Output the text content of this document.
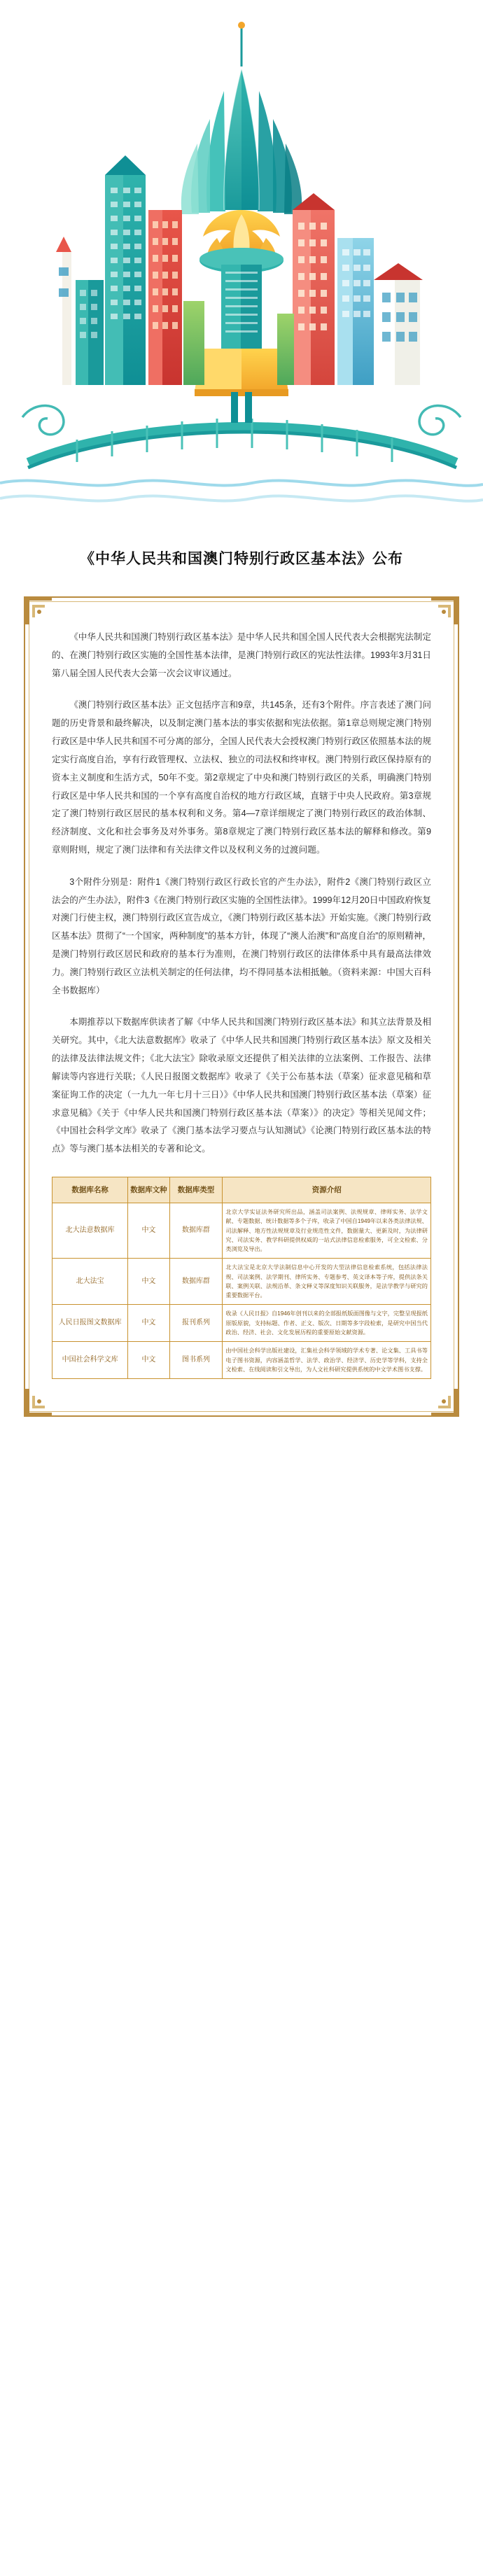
《中华人民共和国澳门特别行政区基本法》公布

《中华人民共和国澳门特别行政区基本法》是中华人民共和国全国人民代表大会根据宪法制定的、在澳门特别行政区实施的全国性基本法律，是澳门特别行政区的宪法性法律。1993年3月31日第八届全国人民代表大会第一次会议审议通过。

《澳门特别行政区基本法》正文包括序言和9章，共145条，还有3个附件。序言表述了澳门问题的历史背景和最终解决，以及制定澳门基本法的事实依据和宪法依据。第1章总则规定澳门特别行政区是中华人民共和国不可分离的部分，全国人民代表大会授权澳门特别行政区依照基本法的规定实行高度自治，享有行政管理权、立法权、独立的司法权和终审权。澳门特别行政区保持原有的资本主义制度和生活方式，50年不变。第2章规定了中央和澳门特别行政区的关系，明确澳门特别行政区是中华人民共和国的一个享有高度自治权的地方行政区域，直辖于中央人民政府。第3章规定了澳门特别行政区居民的基本权利和义务。第4—7章详细规定了澳门特别行政区的政治体制、经济制度、文化和社会事务及对外事务。第8章规定了澳门特别行政区基本法的解释和修改。第9章则附则，规定了澳门法律和有关法律文件以及权利义务的过渡问题。

3个附件分别是：附件1《澳门特别行政区行政长官的产生办法》，附件2《澳门特别行政区立法会的产生办法》，附件3《在澳门特别行政区实施的全国性法律》。1999年12月20日中国政府恢复对澳门行使主权，澳门特别行政区宣告成立，《澳门特别行政区基本法》开始实施。《澳门特别行政区基本法》贯彻了“一个国家，两种制度”的基本方针，体现了“澳人治澳”和“高度自治”的原则精神，是澳门特别行政区居民和政府的基本行为准则，在澳门特别行政区的法律体系中具有最高法律效力。澳门特别行政区立法机关制定的任何法律，均不得同基本法相抵触。（资料来源：中国大百科全书数据库）

本期推荐以下数据库供读者了解《中华人民共和国澳门特别行政区基本法》和其立法背景及相关研究。其中，《北大法意数据库》收录了《中华人民共和国澳门特别行政区基本法》原文及相关的法律及法律法规文件；《北大法宝》除收录原文还提供了相关法律的立法案例、工作报告、法律解读等内容进行关联；《人民日报图文数据库》收录了《关于公布基本法（草案）征求意见稿和草案征询工作的决定（一九九一年七月十三日）》《中华人民共和国澳门特别行政区基本法（草案）征求意见稿》《关于《中华人民共和国澳门特别行政区基本法（草案）》的决定》等相关见闻文件；《中国社会科学文库》收录了《澳门基本法学习要点与认知测试》《论澳门特别行政区基本法的特点》等与澳门基本法相关的专著和论文。

数据库名称	数据库文种	数据库类型	资源介绍
北大法意数据库	中文	数据库群	北京大学实证法务研究所出品，涵盖司法案例、法规规章、律师实务、法学文献、专题数据、统计数据等多个子库，收录了中国自1949年以来各类法律法规、司法解释、地方性法规规章及行业规范性文件，数据量大、更新及时，为法律研究、司法实务、教学科研提供权威的一站式法律信息检索服务，可全文检索、分类浏览及导出。
北大法宝	中文	数据库群	北大法宝是北京大学法制信息中心开发的大型法律信息检索系统，包括法律法规、司法案例、法学期刊、律所实务、专题参考、英文译本等子库，提供法条关联、案例关联、法规沿革、条文释义等深度知识关联服务，是法学教学与研究的重要数据平台。
人民日报图文数据库	中文	报刊系列	收录《人民日报》自1946年创刊以来的全部报纸版面图像与文字，完整呈现报纸原版原貌，支持标题、作者、正文、版次、日期等多字段检索，是研究中国当代政治、经济、社会、文化发展历程的重要原始文献资源。
中国社会科学文库	中文	图书系列	由中国社会科学出版社建设，汇集社会科学领域的学术专著、论文集、工具书等电子图书资源，内容涵盖哲学、法学、政治学、经济学、历史学等学科，支持全文检索、在线阅读和引文导出，为人文社科研究提供系统的中文学术图书支撑。
